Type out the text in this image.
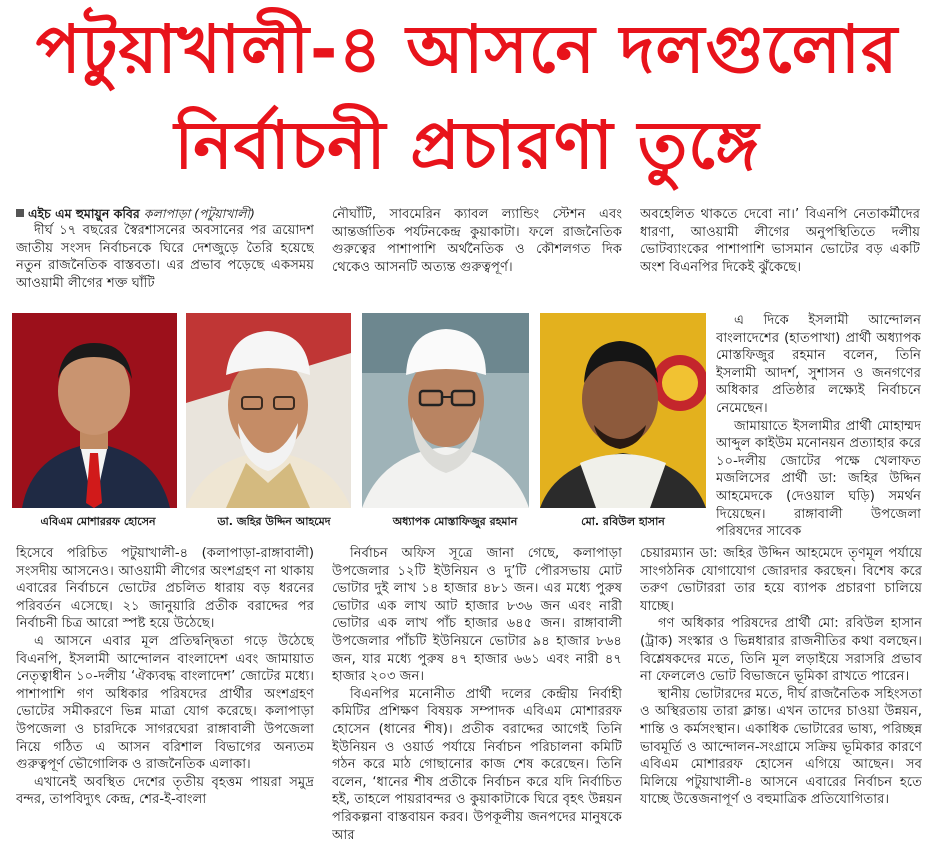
পটুয়াখালী-৪ আসনে দলগুলোর
নির্বাচনী প্রচারণা তুঙ্গে
এইচ এম হুমায়ুন কবির কলাপাড়া (পটুয়াখালী)

দীর্ঘ ১৭ বছরের স্বৈরশাসনের অবসানের পর ত্রয়োদশ জাতীয় সংসদ নির্বাচনকে ঘিরে দেশজুড়ে তৈরি হয়েছে নতুন রাজনৈতিক বাস্তবতা। এর প্রভাব পড়েছে একসময় আওয়ামী লীগের শক্ত ঘাঁটি

নৌঘাঁটি, সাবমেরিন ক্যাবল ল্যান্ডিং স্টেশন এবং আন্তর্জাতিক পর্যটনকেন্দ্র কুয়াকাটা। ফলে রাজনৈতিক গুরুত্বের পাশাপাশি অর্থনৈতিক ও কৌশলগত দিক থেকেও আসনটি অত্যন্ত গুরুত্বপূর্ণ।

অবহেলিত থাকতে দেবো না।’ বিএনপি নেতাকর্মীদের ধারণা, আওয়ামী লীগের অনুপস্থিতিতে দলীয় ভোটব্যাংকের পাশাপাশি ভাসমান ভোটের বড় একটি অংশ বিএনপির দিকেই ঝুঁকেছে।

এবিএম মোশাররফ হোসেন	ডা. জহির উদ্দিন আহমেদ	অধ্যাপক মোস্তাফিজুর রহমান	মো. রবিউল হাসান

এ দিকে ইসলামী আন্দোলন বাংলাদেশের (হাতপাখা) প্রার্থী অধ্যাপক মোস্তফিজুর রহমান বলেন, তিনি ইসলামী আদর্শ, সুশাসন ও জনগণের অধিকার প্রতিষ্ঠার লক্ষ্যেই নির্বাচনে নেমেছেন।

জামায়াতে ইসলামীর প্রার্থী মোহাম্মদ আব্দুল কাইউম মনোনয়ন প্রত্যাহার করে ১০-দলীয় জোটের পক্ষে খেলাফত মজলিসের প্রার্থী ডা: জহির উদ্দিন আহমেদকে (দেওয়াল ঘড়ি) সমর্থন দিয়েছেন। রাঙ্গাবালী উপজেলা পরিষদের সাবেক

হিসেবে পরিচিত পটুয়াখালী-৪ (কলাপাড়া-রাঙ্গাবালী) সংসদীয় আসনেও। আওয়ামী লীগের অংশগ্রহণ না থাকায় এবারের নির্বাচনে ভোটের প্রচলিত ধারায় বড় ধরনের পরিবর্তন এসেছে। ২১ জানুয়ারি প্রতীক বরাদ্দের পর নির্বাচনী চিত্র আরো স্পষ্ট হয়ে উঠেছে।

এ আসনে এবার মূল প্রতিদ্বন্দ্বিতা গড়ে উঠেছে বিএনপি, ইসলামী আন্দোলন বাংলাদেশ এবং জামায়াত নেতৃত্বাধীন ১০-দলীয় ‘ঐক্যবদ্ধ বাংলাদেশ’ জোটের মধ্যে। পাশাপাশি গণ অধিকার পরিষদের প্রার্থীর অংশগ্রহণ ভোটের সমীকরণে ভিন্ন মাত্রা যোগ করেছে। কলাপাড়া উপজেলা ও চারদিকে সাগরঘেরা রাঙ্গাবালী উপজেলা নিয়ে গঠিত এ আসন বরিশাল বিভাগের অন্যতম গুরুত্বপূর্ণ ভৌগোলিক ও রাজনৈতিক এলাকা।

এখানেই অবস্থিত দেশের তৃতীয় বৃহত্তম পায়রা সমুদ্র বন্দর, তাপবিদ্যুৎ কেন্দ্র, শের-ই-বাংলা

নির্বাচন অফিস সূত্রে জানা গেছে, কলাপাড়া উপজেলার ১২টি ইউনিয়ন ও দু’টি পৌরসভায় মোট ভোটার দুই লাখ ১৪ হাজার ৪৮১ জন। এর মধ্যে পুরুষ ভোটার এক লাখ আট হাজার ৮৩৬ জন এবং নারী ভোটার এক লাখ পাঁচ হাজার ৬৪৫ জন। রাঙ্গাবালী উপজেলার পাঁচটি ইউনিয়নে ভোটার ৯৪ হাজার ৮৬৪ জন, যার মধ্যে পুরুষ ৪৭ হাজার ৬৬১ এবং নারী ৪৭ হাজার ২০৩ জন।

বিএনপির মনোনীত প্রার্থী দলের কেন্দ্রীয় নির্বাহী কমিটির প্রশিক্ষণ বিষয়ক সম্পাদক এবিএম মোশাররফ হোসেন (ধানের শীষ)। প্রতীক বরাদ্দের আগেই তিনি ইউনিয়ন ও ওয়ার্ড পর্যায়ে নির্বাচন পরিচালনা কমিটি গঠন করে মাঠ গোছানোর কাজ শেষ করেছেন। তিনি বলেন, ‘ধানের শীষ প্রতীকে নির্বাচন করে যদি নির্বাচিত হই, তাহলে পায়রাবন্দর ও কুয়াকাটাকে ঘিরে বৃহৎ উন্নয়ন পরিকল্পনা বাস্তবায়ন করব। উপকূলীয় জনপদের মানুষকে আর

চেয়ারম্যান ডা: জহির উদ্দিন আহমেদে তৃণমূল পর্যায়ে সাংগঠনিক যোগাযোগ জোরদার করছেন। বিশেষ করে তরুণ ভোটাররা তার হয়ে ব্যাপক প্রচারণা চালিয়ে যাচ্ছে।

গণ অধিকার পরিষদের প্রার্থী মো: রবিউল হাসান (ট্রাক) সংস্কার ও ভিন্নধারার রাজনীতির কথা বলছেন। বিশ্লেষকদের মতে, তিনি মূল লড়াইয়ে সরাসরি প্রভাব না ফেললেও ভোট বিভাজনে ভূমিকা রাখতে পারেন।

স্থানীয় ভোটারদের মতে, দীর্ঘ রাজনৈতিক সহিংসতা ও অস্থিরতায় তারা ক্লান্ত। এখন তাদের চাওয়া উন্নয়ন, শান্তি ও কর্মসংস্থান। একাধিক ভোটারের ভাষ্য, পরিচ্ছন্ন ভাবমূর্তি ও আন্দোলন-সংগ্রামে সক্রিয় ভূমিকার কারণে এবিএম মোশাররফ হোসেন এগিয়ে আছেন। সব মিলিয়ে পটুয়াখালী-৪ আসনে এবারের নির্বাচন হতে যাচ্ছে উত্তেজনাপূর্ণ ও বহুমাত্রিক প্রতিযোগিতার।
